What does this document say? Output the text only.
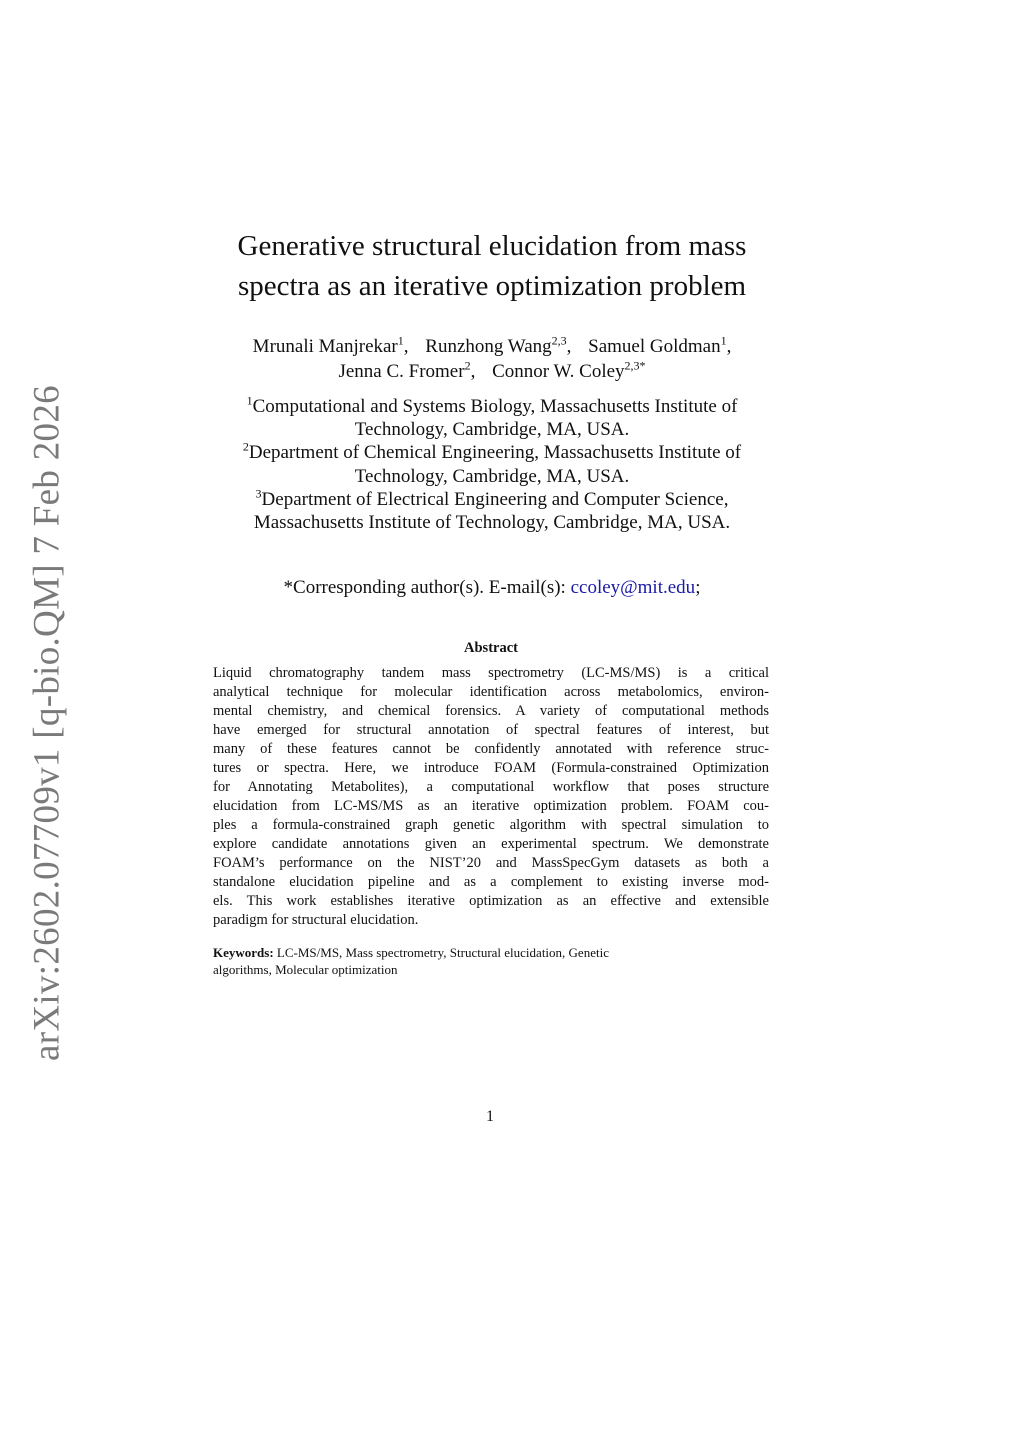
arXiv:2602.07709v1 [q-bio.QM] 7 Feb 2026
Generative structural elucidation from mass
spectra as an iterative optimization problem
Mrunali Manjrekar$^1$, Runzhong Wang$^{2,3}$, Samuel Goldman$^1$,
Jenna C. Fromer$^2$, Connor W. Coley$^{2,3*}$
$^1$Computational and Systems Biology, Massachusetts Institute of
Technology, Cambridge, MA, USA.
$^2$Department of Chemical Engineering, Massachusetts Institute of
Technology, Cambridge, MA, USA.
$^3$Department of Electrical Engineering and Computer Science,
Massachusetts Institute of Technology, Cambridge, MA, USA.
*Corresponding author(s). E-mail(s): ccoley@mit.edu;
Abstract
Liquid chromatography tandem mass spectrometry (LC-MS/MS) is a critical
analytical technique for molecular identification across metabolomics, environ-
mental chemistry, and chemical forensics. A variety of computational methods
have emerged for structural annotation of spectral features of interest, but
many of these features cannot be confidently annotated with reference struc-
tures or spectra. Here, we introduce FOAM (Formula-constrained Optimization
for Annotating Metabolites), a computational workflow that poses structure
elucidation from LC-MS/MS as an iterative optimization problem. FOAM cou-
ples a formula-constrained graph genetic algorithm with spectral simulation to
explore candidate annotations given an experimental spectrum. We demonstrate
FOAM’s performance on the NIST’20 and MassSpecGym datasets as both a
standalone elucidation pipeline and as a complement to existing inverse mod-
els. This work establishes iterative optimization as an effective and extensible
paradigm for structural elucidation.
Keywords: LC-MS/MS, Mass spectrometry, Structural elucidation, Genetic
algorithms, Molecular optimization
1
